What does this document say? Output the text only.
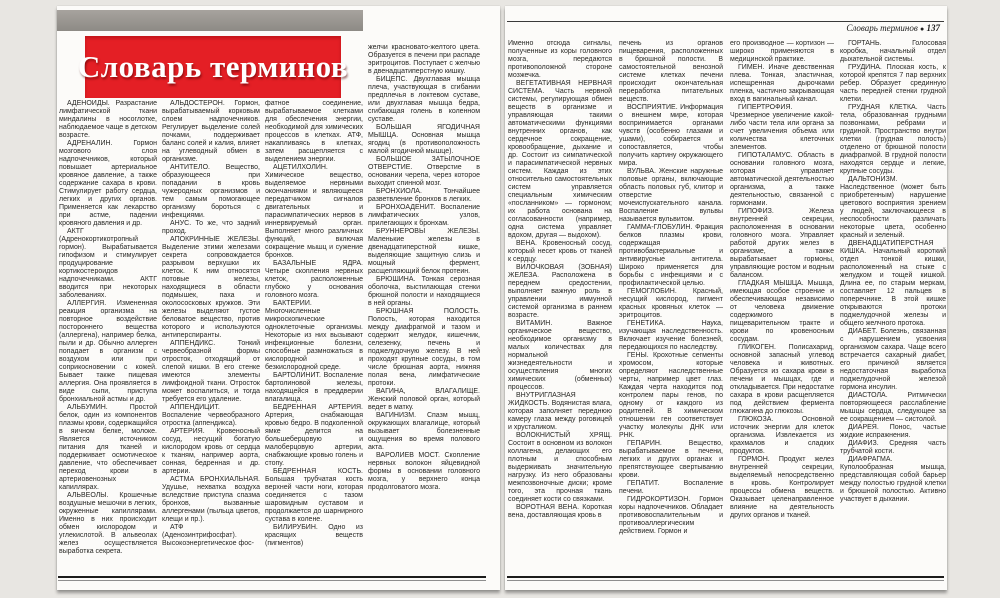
Словарь терминов

АДЕНОИДЫ. Разрастание лимфатической ткани миндалины в носоглотке, наблюдаемое чаще в детском возрасте.

АДРЕНАЛИН. Гормон мозгового слоя надпочечников, который повышает артериальное кровяное давление, а также содержание сахара в крови. Стимулирует работу сердца, легких и других органов. Применяется как лекарство при астме, падении кровяного давления и др.

АКТГ (Адренокортикотропный гормон). Вырабатывается гипофизом и стимулирует продуцирование кортикостероидов надпочечниками. АКТГ вводится при некоторых заболеваниях.

АЛЛЕРГИЯ. Измененная реакция организма на повторное воздействие постороннего вещества (аллергена), например белка, пыли и др. Обычно аллерген попадает в организм с воздухом или при соприкосновении с кожей. Бывает также пищевая аллергия. Она проявляется в виде сыпи, приступа бронхиальной астмы и др.

АЛЬБУМИН. Простой белок, один из компонентов плазмы крови, содержащийся в яичном белке, молоке. Является источником питания для тканей и поддерживает осмотическое давление, что обеспечивает переход крови в артериовенозных капиллярах.

АЛЬВЕОЛЫ. Крошечные воздушные мешочки в легких, окруженные капиллярами. Именно в них происходит обмен кислородом и углекислотой. В альвеолах желез осуществляется выработка секрета.

АЛЬДОСТЕРОН. Гормон, вырабатываемый корковым слоем надпочечников. Регулирует выделение солей почками, поддерживает баланс солей и калия, влияет на углеводный обмен в организме.

АНТИТЕЛО. Вещество, образующееся при попадании в кровь чужеродных организмов и тем самым помогающее организму бороться с инфекциями.

АНУС. То же, что задний проход.

АПОКРИННЫЕ ЖЕЛЕЗЫ. Выделение этими железами секрета сопровождается разрывом верхушки их клеток. К ним относятся потовые железы, находящиеся в области подмышек, паха и околососковых кружков. Эти железы выделяют густое беловатое вещество, против которого и используются антиперспиранты.

АППЕНДИКС. Тонкий червеобразной формы отросток, отходящий от слепой кишки. В его стенке имеются элементы лимфоидной ткани. Отросток может воспалиться, и тогда требуется его удаление.

АППЕНДИЦИТ. Воспаление червеобразного отростка (аппендикса).

АРТЕРИЯ. Кровеносный сосуд, несущий богатую кислородом кровь от сердца к тканям, например аорта, сонная, бедренная и др. артерии.

АСТМА БРОНХИАЛЬНАЯ. Удушье, нехватка воздуха вследствие приступа спазма бронхов, вызванные аллергенами (пыльца цветов, клещи и пр.).

АТФ (Аденозинтрифосфат). Высокоэнергетическое фос-

фатное соединение, вырабатываемое клетками для обеспечения энергии, необходимой для химических процессов в клетках. АТФ, накапливаясь в клетках, затем расщепляется с выделением энергии.

АЦЕТИЛХОЛИН. Химическое вещество, выделяемое нервными окончаниями и являющееся передатчиком сигналов двигательных и парасимпатических нервов в иннервируемый орган. Выполняет много различных функций, включая сокращение мышц и сужение бронхов.

БАЗАЛЬНЫЕ ЯДРА. Четыре скопления нервных клеток, расположенные глубоко у основания головного мозга.

БАКТЕРИИ. Многочисленные микроскопические одноклеточные организмы. Некоторые из них вызывают инфекционные болезни, способные размножаться в кислородной и безкислородной среде.

БАРТОЛИНИТ. Воспаление бартолиновой железы, находящейся в преддверии влагалища.

БЕДРЕННАЯ АРТЕРИЯ. Артерия, снабжающая кровью бедро. В подколенной ямке делится на большеберцовую и малоберцовую артерии, снабжающие кровью голень и стопу.

БЕДРЕННАЯ КОСТЬ. Большая трубчатая кость верхней части ноги, которая соединяется с тазом шаровидным суставом и продолжается до шарнирного сустава в колене.

БИЛИРУБИН. Одно из красящих веществ (пигментов)

желчи красновато-желтого цвета. Образуется в печени при распаде эритроцитов. Поступает с желчью в двенадцатиперстную кишку.

БИЦЕПС. Двухглавая мышца плеча, участвующая в сгибании предплечья в локтевом суставе, или двухглавая мышца бедра, сгибающая голень в коленном суставе.

БОЛЬШАЯ ЯГОДИЧНАЯ МЫШЦА. Основная мышца ягодиц (в противоположность малой ягодичной мышце).

БОЛЬШОЕ ЗАТЫЛОЧНОЕ ОТВЕРСТИЕ. Отверстие в основании черепа, через которое выходит спинной мозг.

БРОНХИОЛА. Тончайшее разветвление бронхов в легких.

БРОНХОАДЕНИТ. Воспаление лимфатических узлов, прилегающих к бронхам.

БРУННЕРОВЫ ЖЕЛЕЗЫ. Маленькие железы в двенадцатиперстной кишке, выделяющие защитную слизь и мощный фермент, расщепляющий белок протеин.

БРЮШИНА. Тонкая серозная оболочка, выстилающая стенки брюшной полости и находящиеся в ней органы.

БРЮШНАЯ ПОЛОСТЬ. Полость, которая находится между диафрагмой и тазом и содержит желудок, кишечник, селезенку, печень и поджелудочную железу. В ней проходят крупные сосуды, в том числе брюшная аорта, нижняя полая вена, лимфатические протоки.

ВАГИНА, ВЛАГАЛИЩЕ. Женский половой орган, который ведет в матку.

ВАГИНИЗМ. Спазм мышц, окружающих влагалище, который вызывает болезненные ощущения во время полового акта.

ВАРОЛИЕВ МОСТ. Скопление нервных волокон яйцевидной формы в основании головного мозга, у верхнего конца продолговатого мозга.

Словарь терминов ● 137

Именно отсюда сигналы, полученные из коры головного мозга, передаются противоположной стороне мозжечка.

ВЕГЕТАТИВНАЯ НЕРВНАЯ СИСТЕМА. Часть нервной системы, регулирующая обмен веществ в организме и управляющая такими автоматическими функциями внутренних органов, как сердечное сокращение, кровообращение, дыхание и др. Состоит из симпатической и парасимпатической нервных систем. Каждая из этих относительно самостоятельных систем управляется специальным химическим «посланником» — гормоном; их работа основана на согласованности (например, одна система управляет вдохом, другая — выдохом).

ВЕНА. Кровеносный сосуд, который несет кровь от тканей к сердцу.

ВИЛОЧКОВАЯ (ЗОБНАЯ) ЖЕЛЕЗА. Расположена в переднем средостении, выполняет важную роль в управлении иммунной системой организма в раннем возрасте.

ВИТАМИН. Важное органическое вещество, необходимое организму в малых количествах для нормальной жизнедеятельности и осуществления многих химических (обменных) процессов.

ВНУТРИГЛАЗНАЯ ЖИДКОСТЬ. Водянистая влага, которая заполняет переднюю камеру глаза между роговицей и хрусталиком.

ВОЛОКНИСТЫЙ ХРЯЩ. Состоит в основном из волокон коллагена, делающих его плотным и способным выдерживать значительную нагрузку. Из него образованы межпозвоночные диски; кроме того, эта прочная ткань соединяет кости со связками.

ВОРОТНАЯ ВЕНА. Короткая вена, доставляющая кровь в

печень из органов пищеварения, расположенных в брюшной полости. В самостоятельной венозной системе клетках печени происходит окончательная переработка питательных веществ.

ВОСПРИЯТИЕ. Информация о внешнем мире, которая воспринимается органами чувств (особенно глазами и ушами), собирается и сопоставляется, чтобы получить картину окружающего мира.

ВУЛЬВА. Женские наружные половые органы, включающие область половых губ, клитор и отверстие мочеиспускательного канала. Воспаление вульвы называется вульвитом.

ГАММА-ГЛОБУЛИН. Фракция белков плазмы крови, содержащая противобактериальные и антивирусные антитела. Широко применяется для борьбы с инфекциями и с профилактической целью.

ГЕМОГЛОБИН. Красный, несущий кислород, пигмент красных кровяных клеток — эритроцитов.

ГЕНЕТИКА. Наука, изучающая наследственность. Включает изучение болезней, передающихся по наследству.

ГЕНЫ. Крохотные сегменты хромосом, которые определяют наследственные черты, например цвет глаз. Каждая черта находится под контролем пары генов, по одному от каждого из родителей. В химическом отношении ген соответствует участку молекулы ДНК или РНК.

ГЕПАРИН. Вещество, вырабатываемое в печени, легких и других органах и препятствующее свертыванию крови.

ГЕПАТИТ. Воспаление печени.

ГИДРОКОРТИЗОН. Гормон коры надпочечников. Обладает противовоспалительным и противоаллергическим действием. Гормон и

его производное — кортизон — широко применяются в медицинской практике.

ГИМЕН. Иначе девственная плева. Тонкая, эластичная, испещренная дырочками пленка, частично закрывающая вход в вагинальный канал.

ГИПЕРТРОФИЯ. Чрезмерное увеличение какой-либо части тела или органа за счет увеличения объема или количества клеточных элементов.

ГИПОТАЛАМУС. Область в основании головного мозга, которая управляет автоматической деятельностью организма, а также деятельностью, связанной с гормонами.

ГИПОФИЗ. Железа внутренней секреции, расположенная в основании головного мозга. Управляет работой других желез в организме, а также вырабатывает гормоны, управляющие ростом и водным балансом.

ГЛАДКАЯ МЫШЦА. Мышца, имеющая особое строение и обеспечивающая независимо от человека движение содержимого в пищеварительном тракте и крови по кровеносным сосудам.

ГЛИКОГЕН. Полисахарид, основной запасный углевод человека и животных. Образуется из сахара крови в печени и мышцах, где и откладывается. При недостатке сахара в крови расщепляется под действием фермента глюкагина до глюкозы.

ГЛЮКОЗА. Основной источник энергии для клеток организма. Извлекается из крахмалов и сладких продуктов.

ГОРМОН. Продукт желез внутренней секреции, выделяемый непосредственно в кровь. Контролирует процессы обмена веществ. Оказывает целенаправленное влияние на деятельность других органов и тканей.

ГОРТАНЬ. Голосовая коробка, начальный отдел дыхательной системы.

ГРУДИНА. Плоская кость, к которой крепятся 7 пар верхних ребер. Образует срединную часть передней стенки грудной клетки.

ГРУДНАЯ КЛЕТКА. Часть тела, образованная грудными позвонками, ребрами и грудиной. Пространство внутри клетки (грудная полость) отделено от брюшной полости диафрагмой. В грудной полости находятся сердце и легкие, крупные сосуды.

ДАЛЬТОНИЗМ. Наследственное (может быть приобретенным) нарушение цветового восприятия зрением у людей, заключающееся в неспособности различать некоторые цвета, особенно красный и зеленый.

ДВЕНАДЦАТИПЕРСТНАЯ КИШКА. Начальный короткий отдел тонкой кишки, расположенный на стыке с желудком и тощей кишкой. Длина ее, по старым меркам, составляет 12 пальцев в поперечнике. В этой кишке открываются протоки поджелудочной железы и общего желчного протока.

ДИАБЕТ. Болезнь, связанная с нарушением усвоения организмом сахара. Чаще всего встречается сахарный диабет, его причиной является недостаточная выработка поджелудочной железой гормона инсулин.

ДИАСТОЛА. Ритмически повторяющееся расслабление мышцы сердца, следующее за ее сокращением — систолой.

ДИАРЕЯ. Понос, частые жидкие испражнения.

ДИАФИЗ. Средняя часть трубчатой кости.

ДИАФРАГМА. Куполообразная мышца, представляющая собой барьер между полостью грудной клетки и брюшной полостью. Активно участвует в дыхании.
